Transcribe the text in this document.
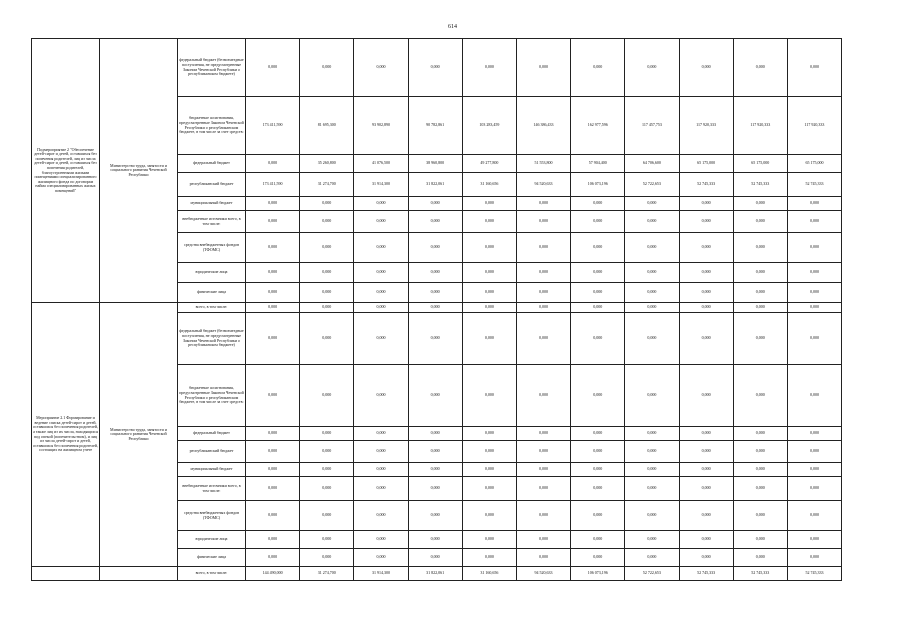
614
Подмероприятие 2 "Обеспечение детей-сирот и детей, оставшихся без попечения родителей, лиц из числа детей-сирот и детей, оставшихся без попечения родителей, благоустроенными жилыми помещениями специализированного жилищного фонда по договорам найма специализированных жилых помещений"	Министерство труда, занятости и социального развития Чеченской Республики	федеральный бюджет (безвозмездные поступления, не предусмотренные Законом Чеченской Республики о республиканском бюджете)	0,000	0,000	0,000	0,000	0,000	0,000	0,000	0,000	0,000	0,000	0,000
		бюджетные ассигнования, предусмотренные Законом Чеченской Республики о республиканском бюджете, в том числе за счет средств:	173 411,590	81 695,300	93 902,890	90 782,861	103 283,459	146 386,433	162 977,596	117 457,753	117 920,333	117 920,333	117 920,333
		федеральный бюджет	0,000	35 260,800	41 076,500	38 960,800	49 277,800	51 553,800	57 904,400	64 706,600	65 175,000	65 175,000	65 175,000
		республиканский бюджет	173 411,590	31 274,700	31 914,300	31 822,061	31 160,656	94 520,633	106 073,196	52 722,653	52 745,333	52 745,333	52 745,333
		муниципальный бюджет	0,000	0,000	0,000	0,000	0,000	0,000	0,000	0,000	0,000	0,000	0,000
		внебюджетные источники всего, в том числе:	0,000	0,000	0,000	0,000	0,000	0,000	0,000	0,000	0,000	0,000	0,000
		средства внебюджетных фондов (ТФОМС)	0,000	0,000	0,000	0,000	0,000	0,000	0,000	0,000	0,000	0,000	0,000
		юридические лица	0,000	0,000	0,000	0,000	0,000	0,000	0,000	0,000	0,000	0,000	0,000
		физические лица	0,000	0,000	0,000	0,000	0,000	0,000	0,000	0,000	0,000	0,000	0,000
Мероприятие 2.1 Формирование и ведение списка детей-сирот и детей, оставшихся без попечения родителей, а также лиц из их числа, находящихся под опекой (попечительством), и лиц из числа детей-сирот и детей, оставшихся без попечения родителей, состоящих на жилищном учете	Министерство труда, занятости и социального развития Чеченской Республики	всего, в том числе:	0,000	0,000	0,000	0,000	0,000	0,000	0,000	0,000	0,000	0,000	0,000
		федеральный бюджет (безвозмездные поступления, не предусмотренные Законом Чеченской Республики о республиканском бюджете)	0,000	0,000	0,000	0,000	0,000	0,000	0,000	0,000	0,000	0,000	0,000
		бюджетные ассигнования, предусмотренные Законом Чеченской Республики о республиканском бюджете, в том числе за счет средств:	0,000	0,000	0,000	0,000	0,000	0,000	0,000	0,000	0,000	0,000	0,000
		федеральный бюджет	0,000	0,000	0,000	0,000	0,000	0,000	0,000	0,000	0,000	0,000	0,000
		республиканский бюджет	0,000	0,000	0,000	0,000	0,000	0,000	0,000	0,000	0,000	0,000	0,000
		муниципальный бюджет	0,000	0,000	0,000	0,000	0,000	0,000	0,000	0,000	0,000	0,000	0,000
		внебюджетные источники всего, в том числе:	0,000	0,000	0,000	0,000	0,000	0,000	0,000	0,000	0,000	0,000	0,000
		средства внебюджетных фондов (ТФОМС)	0,000	0,000	0,000	0,000	0,000	0,000	0,000	0,000	0,000	0,000	0,000
		юридические лица	0,000	0,000	0,000	0,000	0,000	0,000	0,000	0,000	0,000	0,000	0,000
		физические лица	0,000	0,000	0,000	0,000	0,000	0,000	0,000	0,000	0,000	0,000	0,000
		всего, в том числе:	144 490,000	31 274,700	31 914,300	31 822,061	31 160,656	94 520,633	106 073,196	52 722,653	52 745,333	52 745,333	52 745,333
